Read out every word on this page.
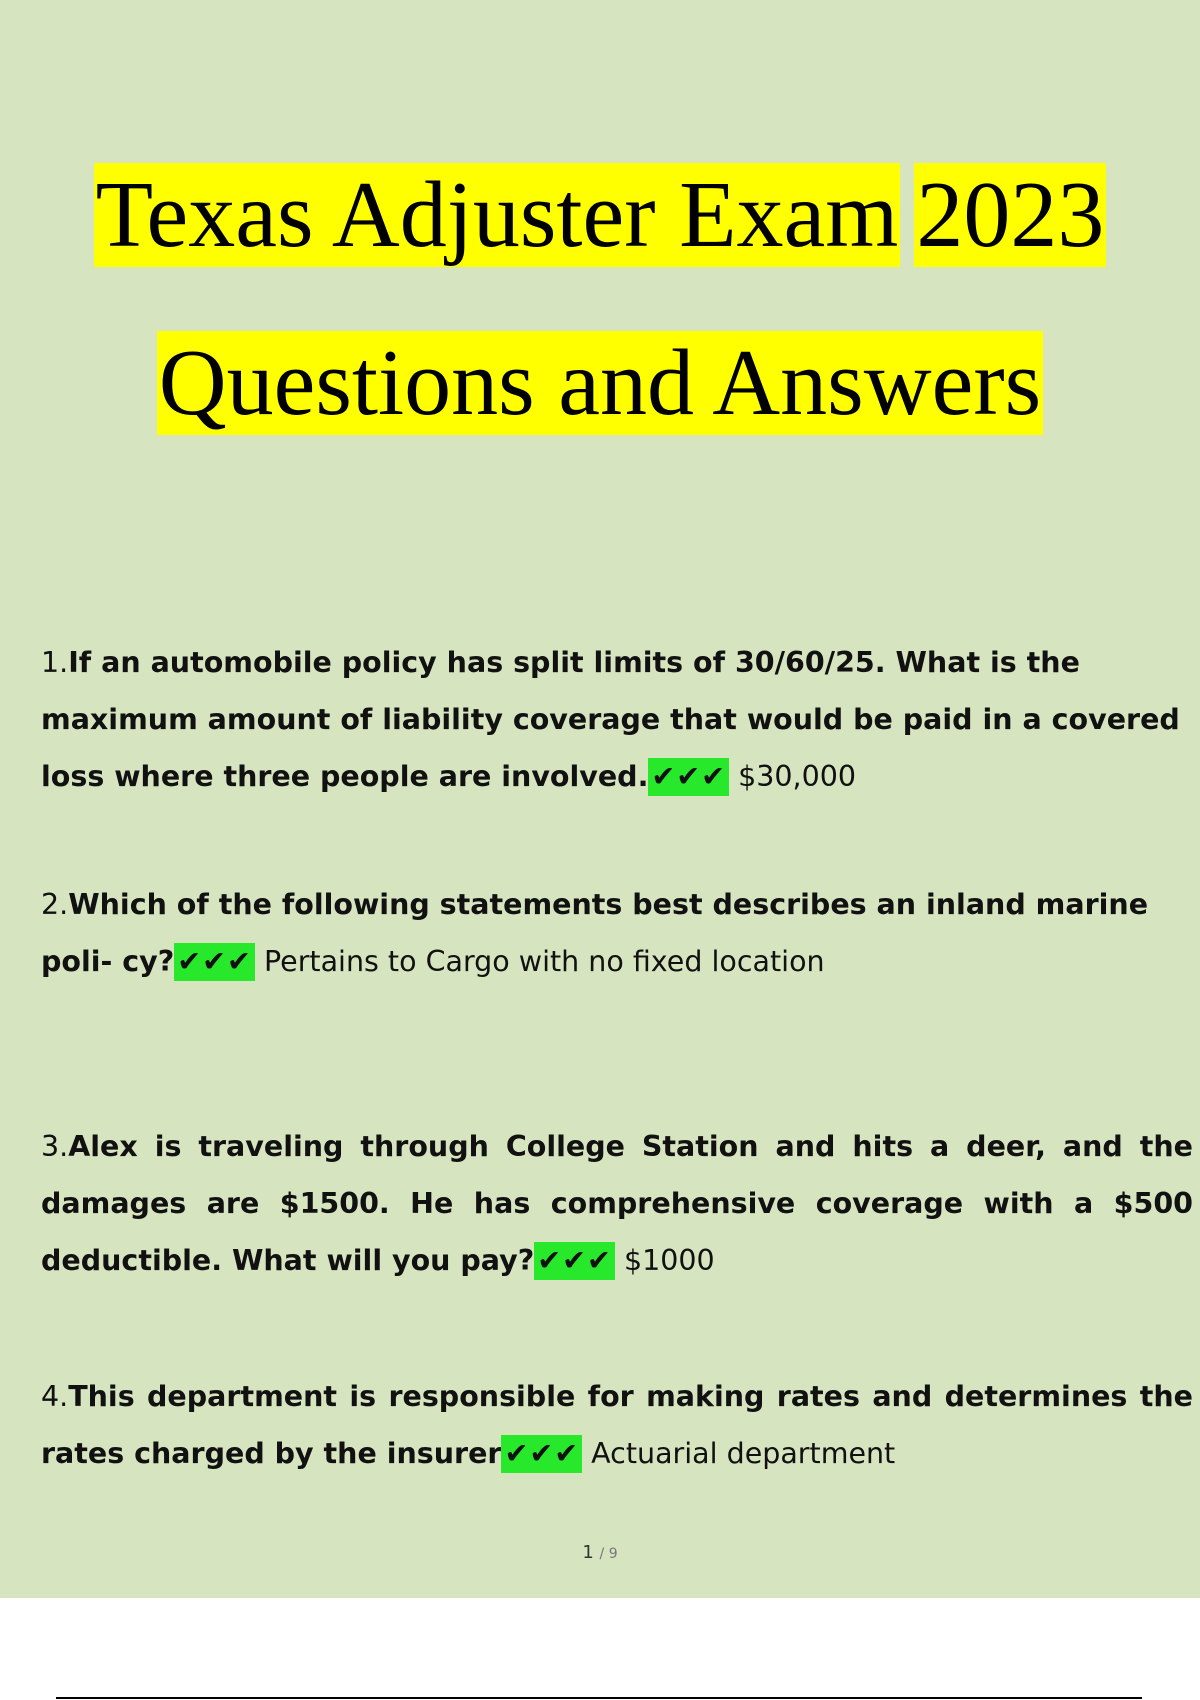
Texas Adjuster Exam 2023
Questions and Answers
1.If an automobile policy has split limits of 30/60/25. What is the maximum amount of liability coverage that would be paid in a covered loss where three people are involved. ✔✔✔ $30,000
2.Which of the following statements best describes an inland marine poli- cy? ✔✔✔ Pertains to Cargo with no fixed location
3.Alex is traveling through College Station and hits a deer, and the damages are $1500. He has comprehensive coverage with a $500 deductible. What will you pay? ✔✔✔ $1000
4.This department is responsible for making rates and determines the rates charged by the insurer ✔✔✔ Actuarial department
1 / 9
